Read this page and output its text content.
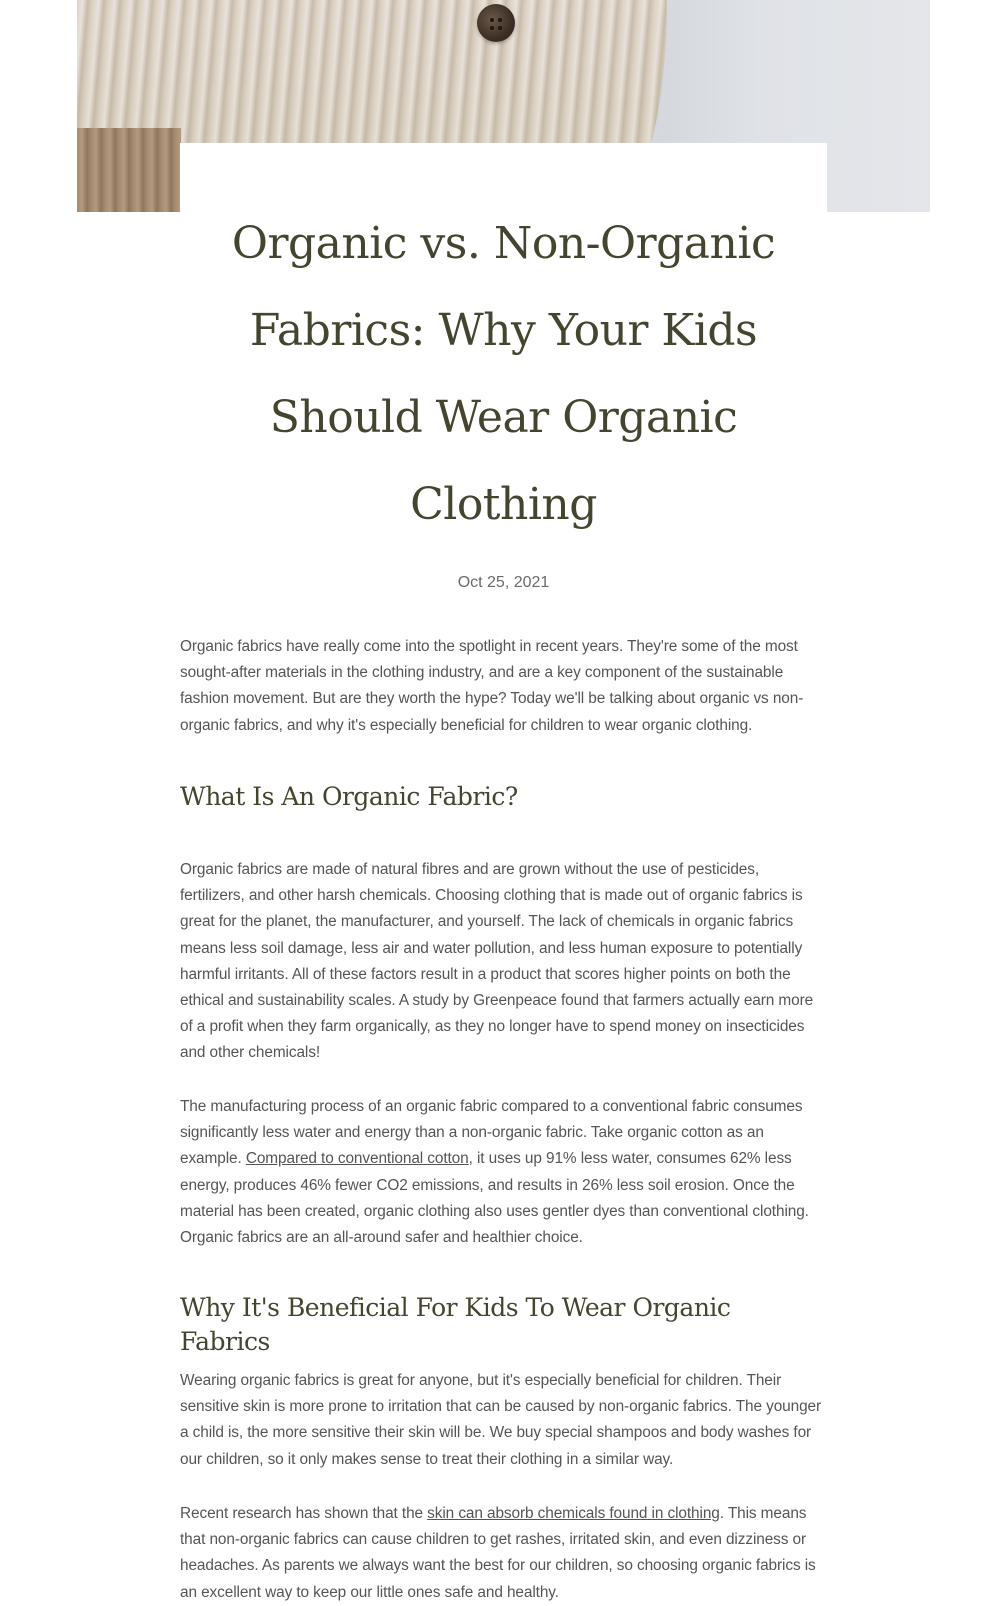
Organic vs. Non-Organic Fabrics: Why Your Kids Should Wear Organic Clothing
Oct 25, 2021

Organic fabrics have really come into the spotlight in recent years. They're some of the most sought-after materials in the clothing industry, and are a key component of the sustainable fashion movement. But are they worth the hype? Today we'll be talking about organic vs non-organic fabrics, and why it's especially beneficial for children to wear organic clothing.

What Is An Organic Fabric?

Organic fabrics are made of natural fibres and are grown without the use of pesticides, fertilizers, and other harsh chemicals. Choosing clothing that is made out of organic fabrics is great for the planet, the manufacturer, and yourself. The lack of chemicals in organic fabrics means less soil damage, less air and water pollution, and less human exposure to potentially harmful irritants. All of these factors result in a product that scores higher points on both the ethical and sustainability scales. A study by Greenpeace found that farmers actually earn more of a profit when they farm organically, as they no longer have to spend money on insecticides and other chemicals!

The manufacturing process of an organic fabric compared to a conventional fabric consumes significantly less water and energy than a non-organic fabric. Take organic cotton as an example. Compared to conventional cotton, it uses up 91% less water, consumes 62% less energy, produces 46% fewer CO2 emissions, and results in 26% less soil erosion. Once the material has been created, organic clothing also uses gentler dyes than conventional clothing. Organic fabrics are an all-around safer and healthier choice.

Why It's Beneficial For Kids To Wear Organic Fabrics

Wearing organic fabrics is great for anyone, but it's especially beneficial for children. Their sensitive skin is more prone to irritation that can be caused by non-organic fabrics. The younger a child is, the more sensitive their skin will be. We buy special shampoos and body washes for our children, so it only makes sense to treat their clothing in a similar way.

Recent research has shown that the skin can absorb chemicals found in clothing. This means that non-organic fabrics can cause children to get rashes, irritated skin, and even dizziness or headaches. As parents we always want the best for our children, so choosing organic fabrics is an excellent way to keep our little ones safe and healthy.
